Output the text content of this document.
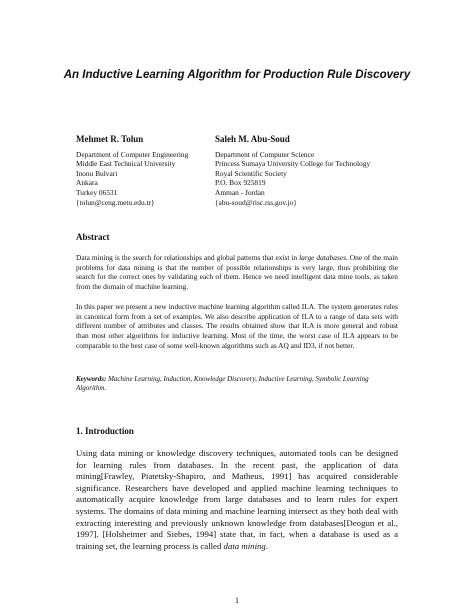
An Inductive Learning Algorithm for Production Rule Discovery
Mehmet R. Tolun
Department of Computer Engineering
Middle East Technical University
Inonu Bulvari
Ankara
Turkey 06531
{tolun@ceng.metu.edu.tr}
Saleh M. Abu-Soud
Department of Computer Science
Princess Sumaya University College for Technology
Royal Scientific Society
P.O. Box 925819
Amman - Jordan
{abu-soud@risc.rss.gov.jo}
Abstract

Data mining is the search for relationships and global patterns that exist in large databases. One of the main problems for data mining is that the number of possible relationships is very large, thus prohibiting the search for the correct ones by validating each of them. Hence we need intelligent data mine tools, as taken from the domain of machine learning.

In this paper we present a new inductive machine learning algorithm called ILA. The system generates rules in canonical form from a set of examples. We also describe application of ILA to a range of data sets with different number of attributes and classes. The results obtained show that ILA is more general and robust than most other algorithms for inductive learning. Most of the time, the worst case of ILA appears to be comparable to the best case of some well-known algorithms such as AQ and ID3, if not better.

Keywords: Machine Learning, Induction, Knowledge Discovery, Inductive Learning, Symbolic Learning Algorithm.
1. Introduction

Using data mining or knowledge discovery techniques, automated tools can be designed for learning rules from databases. In the recent past, the application of data mining[Frawley, Piatetsky-Shapiro, and Matheus, 1991] has acquired considerable significance. Researchers have developed and applied machine learning techniques to automatically acquire knowledge from large databases and to learn rules for expert systems. The domains of data mining and machine learning intersect as they both deal with extracting interesting and previously unknown knowledge from databases[Deogun et al., 1997]. [Holsheimer and Siebes, 1994] state that, in fact, when a database is used as a training set, the learning process is called data mining.

1
